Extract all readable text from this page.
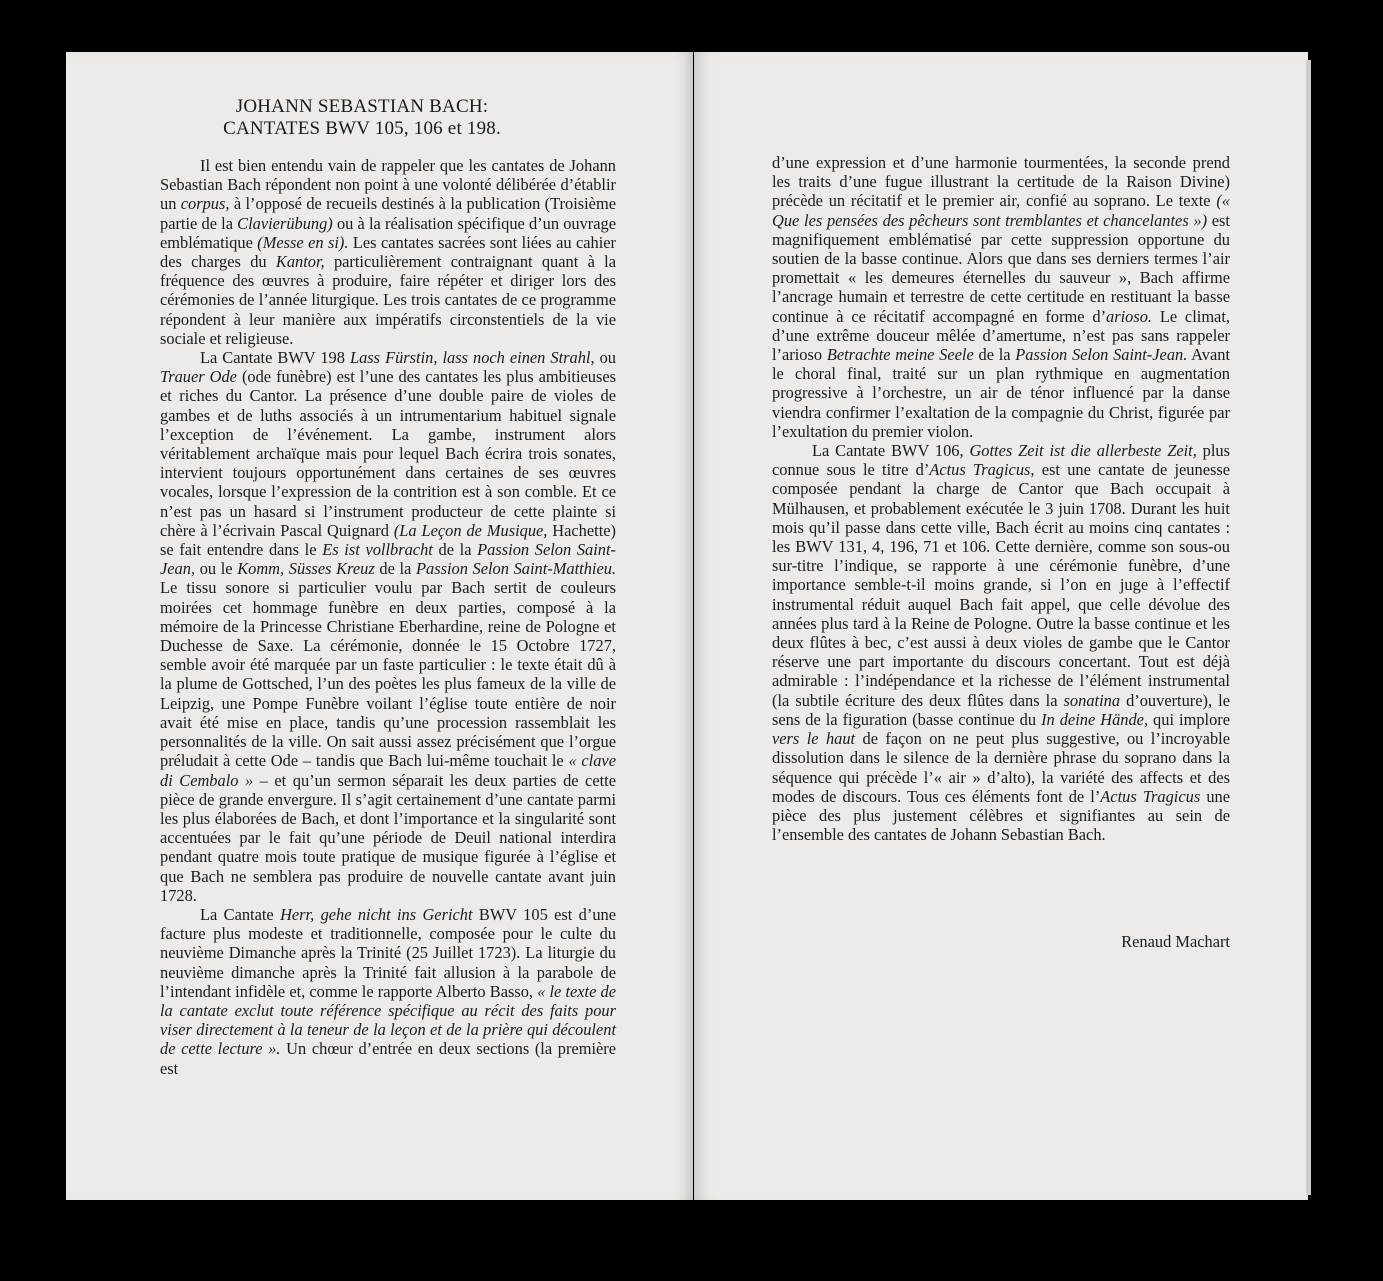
JOHANN SEBASTIAN BACH:
CANTATES BWV 105, 106 et 198.

Il est bien entendu vain de rappeler que les cantates de Johann Sebastian Bach répondent non point à une volonté délibérée d’établir un corpus, à l’opposé de recueils destinés à la publication (Troisième partie de la Clavierübung) ou à la réalisation spécifique d’un ouvrage emblématique (Messe en si). Les cantates sacrées sont liées au cahier des charges du Kantor, particulièrement contraignant quant à la fréquence des œuvres à produire, faire répéter et diriger lors des cérémonies de l’année liturgique. Les trois cantates de ce programme répondent à leur manière aux impératifs circonstentiels de la vie sociale et religieuse.

La Cantate BWV 198 Lass Fürstin, lass noch einen Strahl, ou Trauer Ode (ode funèbre) est l’une des cantates les plus ambitieuses et riches du Cantor. La présence d’une double paire de violes de gambes et de luths associés à un intrumentarium habituel signale l’exception de l’événement. La gambe, instrument alors véritablement archaïque mais pour lequel Bach écrira trois sonates, intervient toujours opportunément dans certaines de ses œuvres vocales, lorsque l’expression de la contrition est à son comble. Et ce n’est pas un hasard si l’instrument producteur de cette plainte si chère à l’écrivain Pascal Quignard (La Leçon de Musique, Hachette) se fait entendre dans le Es ist vollbracht de la Passion Selon Saint-Jean, ou le Komm, Süsses Kreuz de la Passion Selon Saint-Matthieu. Le tissu sonore si particulier voulu par Bach sertit de couleurs moirées cet hommage funèbre en deux parties, composé à la mémoire de la Princesse Christiane Eberhardine, reine de Pologne et Duchesse de Saxe. La cérémonie, donnée le 15 Octobre 1727, semble avoir été marquée par un faste particulier : le texte était dû à la plume de Gottsched, l’un des poètes les plus fameux de la ville de Leipzig, une Pompe Funèbre voilant l’église toute entière de noir avait été mise en place, tandis qu’une procession rassemblait les personnalités de la ville. On sait aussi assez précisément que l’orgue préludait à cette Ode – tandis que Bach lui-même touchait le « clave di Cembalo » – et qu’un sermon séparait les deux parties de cette pièce de grande envergure. Il s’agit certainement d’une cantate parmi les plus élaborées de Bach, et dont l’importance et la singularité sont accentuées par le fait qu’une période de Deuil national interdira pendant quatre mois toute pratique de musique figurée à l’église et que Bach ne semblera pas produire de nouvelle cantate avant juin 1728.

La Cantate Herr, gehe nicht ins Gericht BWV 105 est d’une facture plus modeste et traditionnelle, composée pour le culte du neuvième Dimanche après la Trinité (25 Juillet 1723). La liturgie du neuvième dimanche après la Trinité fait allusion à la parabole de l’intendant infidèle et, comme le rapporte Alberto Basso, « le texte de la cantate exclut toute référence spécifique au récit des faits pour viser directement à la teneur de la leçon et de la prière qui découlent de cette lecture ». Un chœur d’entrée en deux sections (la première est

d’une expression et d’une harmonie tourmentées, la seconde prend les traits d’une fugue illustrant la certitude de la Raison Divine) précède un récitatif et le premier air, confié au soprano. Le texte (« Que les pensées des pêcheurs sont tremblantes et chancelantes ») est magnifiquement emblématisé par cette suppression opportune du soutien de la basse continue. Alors que dans ses derniers termes l’air promettait « les demeures éternelles du sauveur », Bach affirme l’ancrage humain et terrestre de cette certitude en restituant la basse continue à ce récitatif accompagné en forme d’arioso. Le climat, d’une extrême douceur mêlée d’amertume, n’est pas sans rappeler l’arioso Betrachte meine Seele de la Passion Selon Saint-Jean. Avant le choral final, traité sur un plan rythmique en augmentation progressive à l’orchestre, un air de ténor influencé par la danse viendra confirmer l’exaltation de la compagnie du Christ, figurée par l’exultation du premier violon.

La Cantate BWV 106, Gottes Zeit ist die allerbeste Zeit, plus connue sous le titre d’Actus Tragicus, est une cantate de jeunesse composée pendant la charge de Cantor que Bach occupait à Mülhausen, et probablement exécutée le 3 juin 1708. Durant les huit mois qu’il passe dans cette ville, Bach écrit au moins cinq cantates : les BWV 131, 4, 196, 71 et 106. Cette dernière, comme son sous-ou sur-titre l’indique, se rapporte à une cérémonie funèbre, d’une importance semble-t-il moins grande, si l’on en juge à l’effectif instrumental réduit auquel Bach fait appel, que celle dévolue des années plus tard à la Reine de Pologne. Outre la basse continue et les deux flûtes à bec, c’est aussi à deux violes de gambe que le Cantor réserve une part importante du discours concertant. Tout est déjà admirable : l’indépendance et la richesse de l’élément instrumental (la subtile écriture des deux flûtes dans la sonatina d’ouverture), le sens de la figuration (basse continue du In deine Hände, qui implore vers le haut de façon on ne peut plus suggestive, ou l’incroyable dissolution dans le silence de la dernière phrase du soprano dans la séquence qui précède l’« air » d’alto), la variété des affects et des modes de discours. Tous ces éléments font de l’Actus Tragicus une pièce des plus justement célèbres et signifiantes au sein de l’ensemble des cantates de Johann Sebastian Bach.

Renaud Machart
